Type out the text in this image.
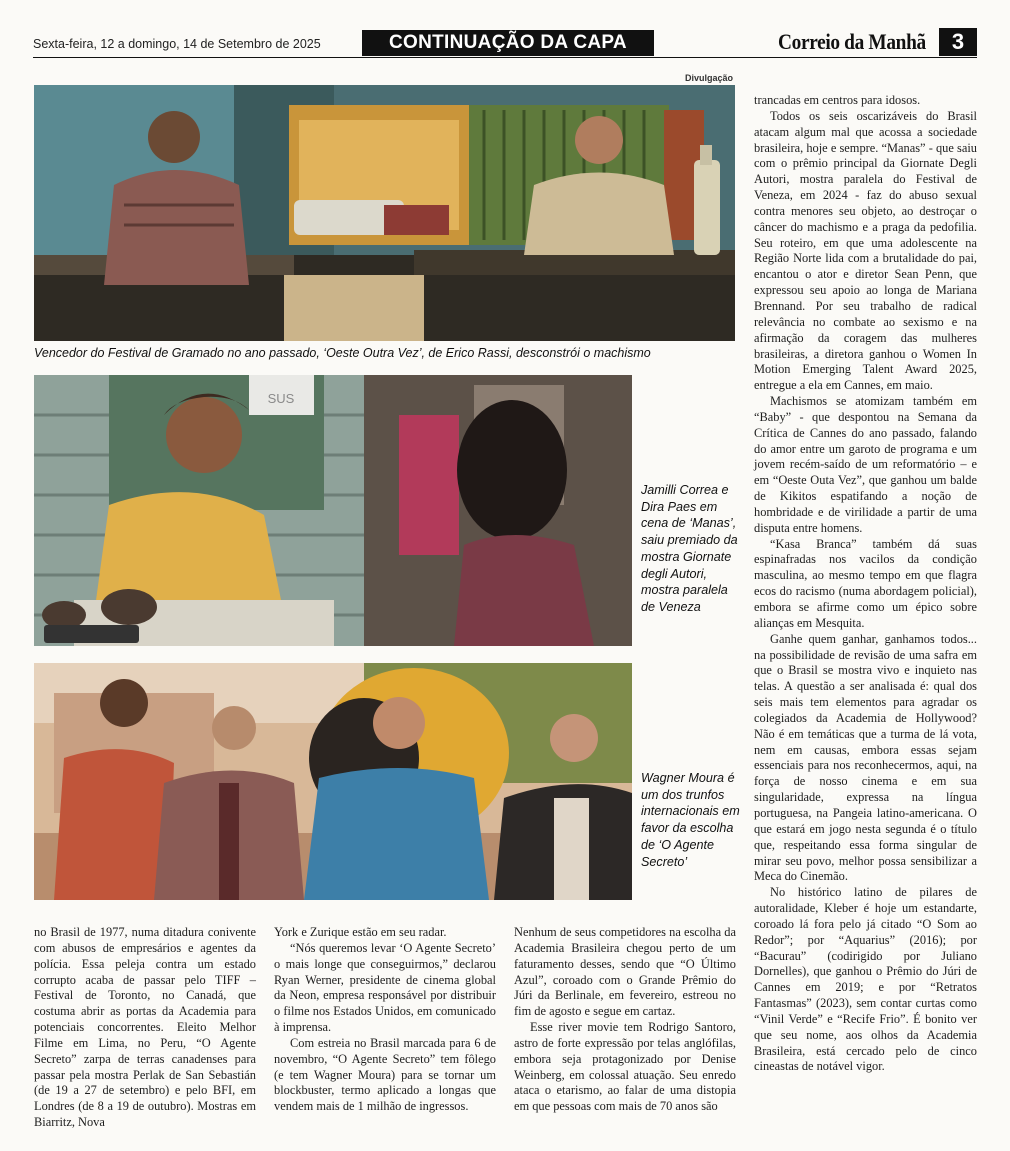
Sexta-feira, 12 a domingo, 14 de Setembro de 2025	CONTINUAÇÃO DA CAPA	Correio da Manhã	3
Divulgação
Vencedor do Festival de Gramado no ano passado, ‘Oeste Outra Vez’, de Erico Rassi, desconstrói o machismo
SUS
Jamilli Correa e Dira Paes em cena de ‘Manas’, saiu premiado da mostra Giornate degli Autori, mostra paralela de Veneza
Wagner Moura é um dos trunfos internacionais em favor da escolha de ‘O Agente Secreto’

no Brasil de 1977, numa ditadura conivente com abusos de empresários e agentes da polícia. Essa peleja contra um estado corrupto acaba de passar pelo TIFF – Festival de Toronto, no Canadá, que costuma abrir as portas da Academia para potenciais concorrentes. Eleito Melhor Filme em Lima, no Peru, “O Agente Secreto” zarpa de terras canadenses para passar pela mostra Perlak de San Sebastián (de 19 a 27 de setembro) e pelo BFI, em Londres (de 8 a 19 de outubro). Mostras em Biarritz, Nova

York e Zurique estão em seu radar.

“Nós queremos levar ‘O Agente Secreto’ o mais longe que conseguirmos,” declarou Ryan Werner, presidente de cinema global da Neon, empresa responsável por distribuir o filme nos Estados Unidos, em comunicado à imprensa.

Com estreia no Brasil marcada para 6 de novembro, “O Agente Secreto” tem fôlego (e tem Wagner Moura) para se tornar um blockbuster, termo aplicado a longas que vendem mais de 1 milhão de ingressos.

Nenhum de seus competidores na escolha da Academia Brasileira chegou perto de um faturamento desses, sendo que “O Último Azul”, coroado com o Grande Prêmio do Júri da Berlinale, em fevereiro, estreou no fim de agosto e segue em cartaz.

Esse river movie tem Rodrigo Santoro, astro de forte expressão por telas anglófilas, embora seja protagonizado por Denise Weinberg, em colossal atuação. Seu enredo ataca o etarismo, ao falar de uma distopia em que pessoas com mais de 70 anos são

trancadas em centros para idosos.

Todos os seis oscarizáveis do Brasil atacam algum mal que acossa a sociedade brasileira, hoje e sempre. “Manas” - que saiu com o prêmio principal da Giornate Degli Autori, mostra paralela do Festival de Veneza, em 2024 - faz do abuso sexual contra menores seu objeto, ao destroçar o câncer do machismo e a praga da pedofilia. Seu roteiro, em que uma adolescente na Região Norte lida com a brutalidade do pai, encantou o ator e diretor Sean Penn, que expressou seu apoio ao longa de Mariana Brennand. Por seu trabalho de radical relevância no combate ao sexismo e na afirmação da coragem das mulheres brasileiras, a diretora ganhou o Women In Motion Emerging Talent Award 2025, entregue a ela em Cannes, em maio.

Machismos se atomizam também em “Baby” - que despontou na Semana da Crítica de Cannes do ano passado, falando do amor entre um garoto de programa e um jovem recém-saído de um reformatório – e em “Oeste Outa Vez”, que ganhou um balde de Kikitos espatifando a noção de hombridade e de virilidade a partir de uma disputa entre homens.

“Kasa Branca” também dá suas espinafradas nos vacilos da condição masculina, ao mesmo tempo em que flagra ecos do racismo (numa abordagem policial), embora se afirme como um épico sobre alianças em Mesquita.

Ganhe quem ganhar, ganhamos todos... na possibilidade de revisão de uma safra em que o Brasil se mostra vivo e inquieto nas telas. A questão a ser analisada é: qual dos seis mais tem elementos para agradar os colegiados da Academia de Hollywood? Não é em temáticas que a turma de lá vota, nem em causas, embora essas sejam essenciais para nos reconhecermos, aqui, na força de nosso cinema e em sua singularidade, expressa na língua portuguesa, na Pangeia latino-americana. O que estará em jogo nesta segunda é o título que, respeitando essa forma singular de mirar seu povo, melhor possa sensibilizar a Meca do Cinemão.

No histórico latino de pilares de autoralidade, Kleber é hoje um estandarte, coroado lá fora pelo já citado “O Som ao Redor”; por “Aquarius” (2016); por “Bacurau” (codirigido por Juliano Dornelles), que ganhou o Prêmio do Júri de Cannes em 2019; e por “Retratos Fantasmas” (2023), sem contar curtas como “Vinil Verde” e “Recife Frio”. É bonito ver que seu nome, aos olhos da Academia Brasileira, está cercado pelo de cinco cineastas de notável vigor.
